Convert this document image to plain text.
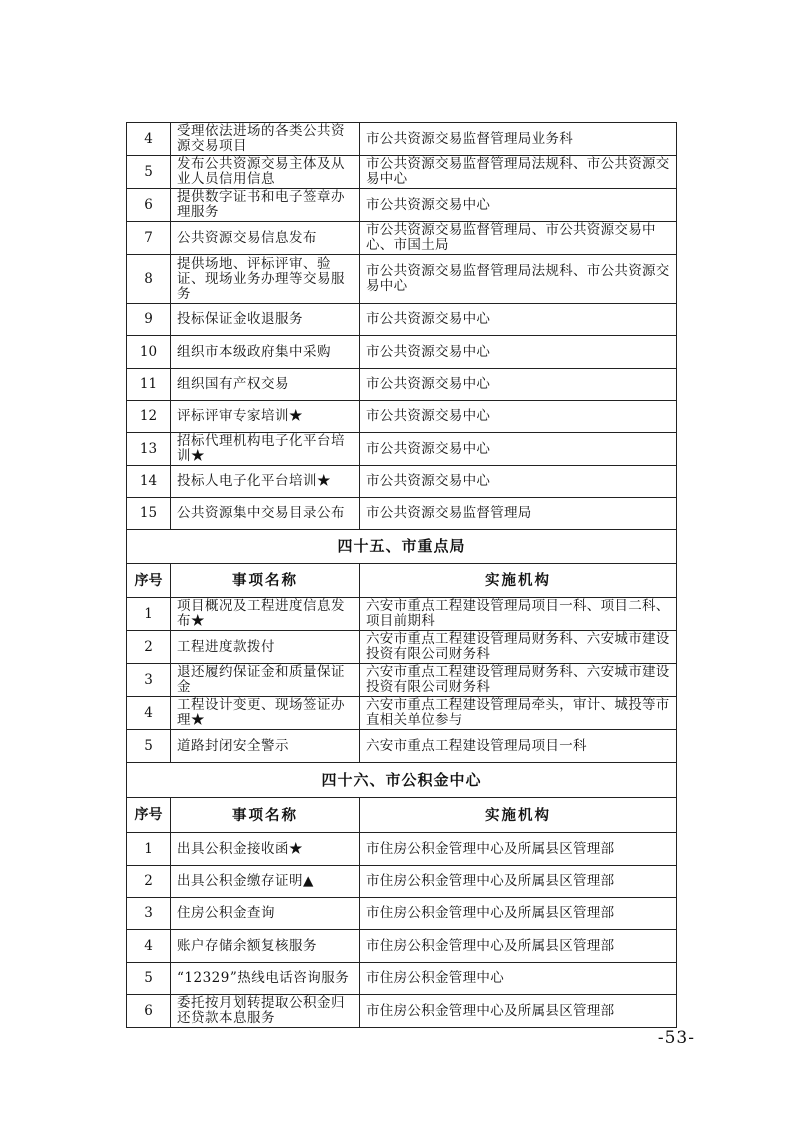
4	受理依法进场的各类公共资源交易项目	市公共资源交易监督管理局业务科
5	发布公共资源交易主体及从业人员信用信息	市公共资源交易监督管理局法规科、市公共资源交易中心
6	提供数字证书和电子签章办理服务	市公共资源交易中心
7	公共资源交易信息发布	市公共资源交易监督管理局、市公共资源交易中心、市国土局
8	提供场地、评标评审、验证、现场业务办理等交易服务	市公共资源交易监督管理局法规科、市公共资源交易中心
9	投标保证金收退服务	市公共资源交易中心
10	组织市本级政府集中采购	市公共资源交易中心
11	组织国有产权交易	市公共资源交易中心
12	评标评审专家培训★	市公共资源交易中心
13	招标代理机构电子化平台培训★	市公共资源交易中心
14	投标人电子化平台培训★	市公共资源交易中心
15	公共资源集中交易目录公布	市公共资源交易监督管理局
四十五、市重点局		
序号	事项名称	实施机构
1	项目概况及工程进度信息发布★	六安市重点工程建设管理局项目一科、项目二科、项目前期科
2	工程进度款拨付	六安市重点工程建设管理局财务科、六安城市建设投资有限公司财务科
3	退还履约保证金和质量保证金	六安市重点工程建设管理局财务科、六安城市建设投资有限公司财务科
4	工程设计变更、现场签证办理★	六安市重点工程建设管理局牵头，审计、城投等市直相关单位参与
5	道路封闭安全警示	六安市重点工程建设管理局项目一科
四十六、市公积金中心		
序号	事项名称	实施机构
1	出具公积金接收函★	市住房公积金管理中心及所属县区管理部
2	出具公积金缴存证明▲	市住房公积金管理中心及所属县区管理部
3	住房公积金查询	市住房公积金管理中心及所属县区管理部
4	账户存储余额复核服务	市住房公积金管理中心及所属县区管理部
5	“12329”热线电话咨询服务	市住房公积金管理中心
6	委托按月划转提取公积金归还贷款本息服务	市住房公积金管理中心及所属县区管理部
-53-
